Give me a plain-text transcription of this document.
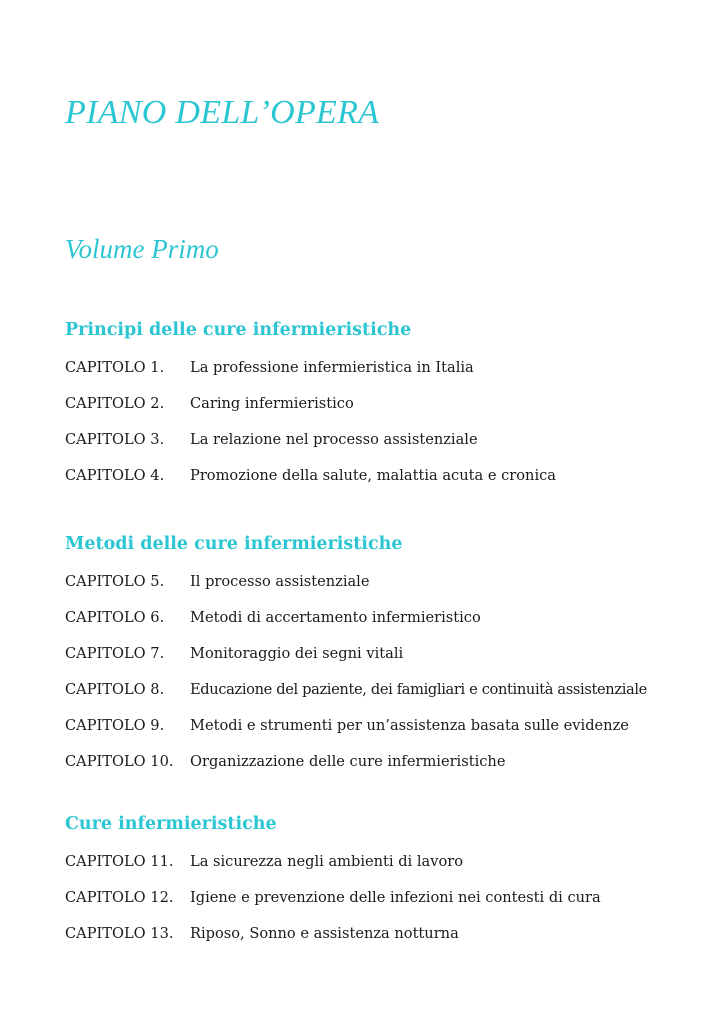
PIANO DELL’OPERA
Volume Primo
Principi delle cure infermieristiche
CAPITOLO 1.	La professione infermieristica in Italia
CAPITOLO 2.	Caring infermieristico
CAPITOLO 3.	La relazione nel processo assistenziale
CAPITOLO 4.	Promozione della salute, malattia acuta e cronica
Metodi delle cure infermieristiche
CAPITOLO 5.	Il processo assistenziale
CAPITOLO 6.	Metodi di accertamento infermieristico
CAPITOLO 7.	Monitoraggio dei segni vitali
CAPITOLO 8.	Educazione del paziente, dei famigliari e continuità assistenziale
CAPITOLO 9.	Metodi e strumenti per un’assistenza basata sulle evidenze
CAPITOLO 10.	Organizzazione delle cure infermieristiche
Cure infermieristiche
CAPITOLO 11.	La sicurezza negli ambienti di lavoro
CAPITOLO 12.	Igiene e prevenzione delle infezioni nei contesti di cura
CAPITOLO 13.	Riposo, Sonno e assistenza notturna
